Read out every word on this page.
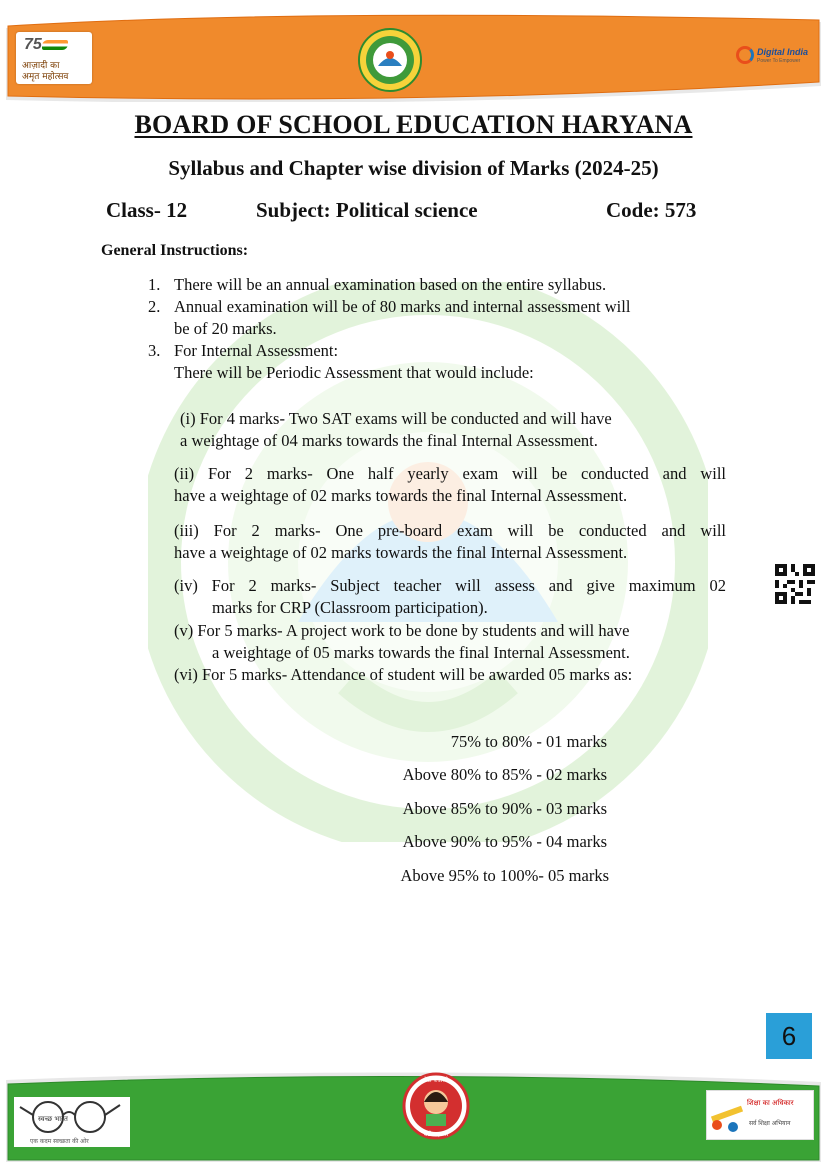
75
आज़ादी का
अमृत महोत्सव
Digital India
Power To Empower
BOARD OF SCHOOL EDUCATION HARYANA
Syllabus and Chapter wise division of Marks (2024-25)
Class- 12	Subject: Political science	Code: 573
General Instructions:
1. There will be an annual examination based on the entire syllabus.
2. Annual examination will be of 80 marks and internal assessment will
be of 20 marks.
3. For Internal Assessment:
There will be Periodic Assessment that would include:
(i) For 4 marks- Two SAT exams will be conducted and will have
a weightage of 04 marks towards the final Internal Assessment.
(ii) For 2 marks- One half yearly exam will be conducted and will
have a weightage of 02 marks towards the final Internal Assessment.
(iii) For 2 marks- One pre-board exam will be conducted and will
have a weightage of 02 marks towards the final Internal Assessment.
(iv) For 2 marks- Subject teacher will assess and give maximum 02
marks for CRP (Classroom participation).
(v) For 5 marks- A project work to be done by students and will have
a weightage of 05 marks towards the final Internal Assessment.
(vi) For 5 marks- Attendance of student will be awarded 05 marks as:
75% to 80% - 01 marks
Above 80% to 85% - 02 marks
Above 85% to 90% - 03 marks
Above 90% to 95% - 04 marks
Above 95% to 100%- 05 marks
6
स्वच्छ भारत
एक कदम स्वच्छता की ओर
बेटी बचाओ
बेटी पढ़ाओ
शिक्षा का अधिकार
सर्व शिक्षा अभियान
